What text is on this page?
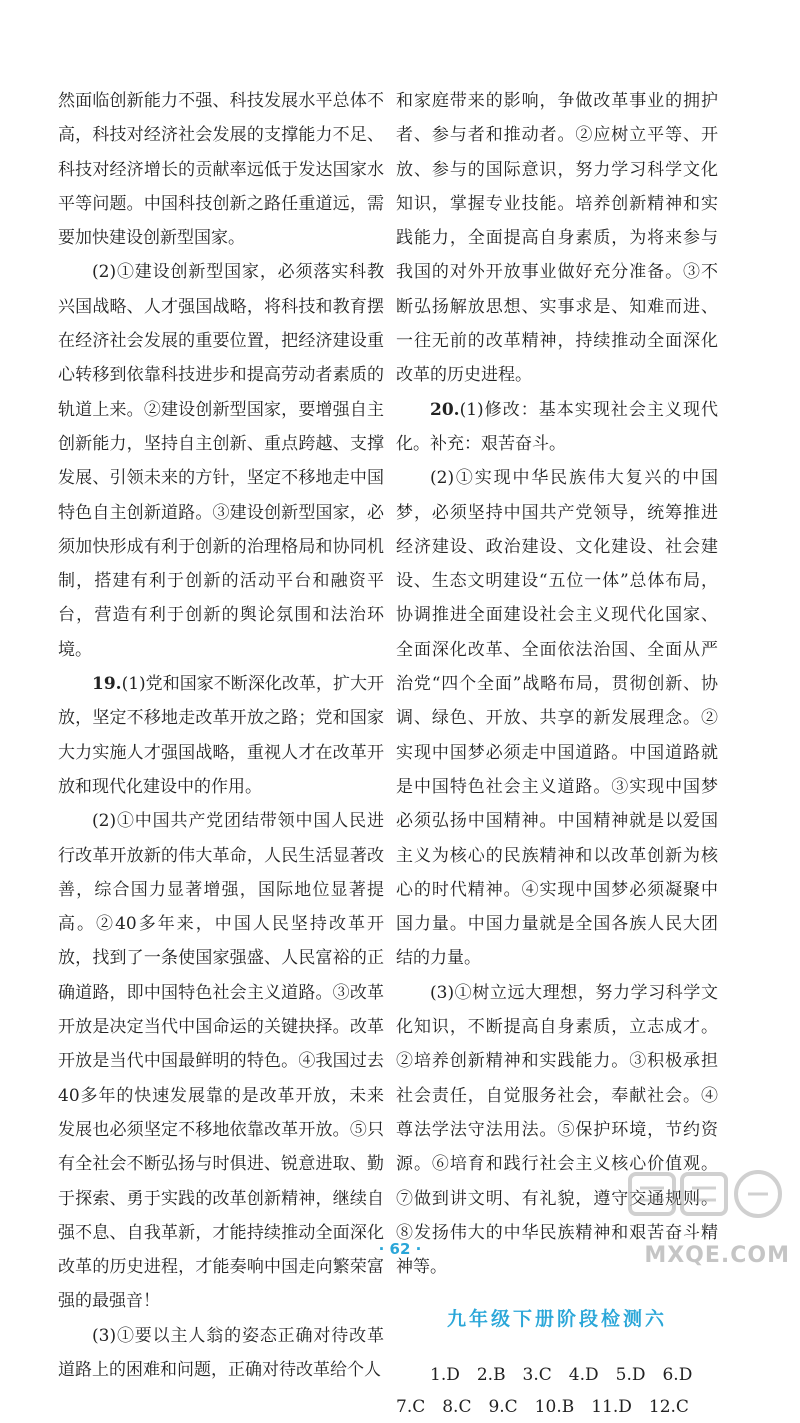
然面临创新能力不强、科技发展水平总体不高，科技对经济社会发展的支撑能力不足、科技对经济增长的贡献率远低于发达国家水平等问题。中国科技创新之路任重道远，需要加快建设创新型国家。

(2)①建设创新型国家，必须落实科教兴国战略、人才强国战略，将科技和教育摆在经济社会发展的重要位置，把经济建设重心转移到依靠科技进步和提高劳动者素质的轨道上来。②建设创新型国家，要增强自主创新能力，坚持自主创新、重点跨越、支撑发展、引领未来的方针，坚定不移地走中国特色自主创新道路。③建设创新型国家，必须加快形成有利于创新的治理格局和协同机制，搭建有利于创新的活动平台和融资平台，营造有利于创新的舆论氛围和法治环境。

19.(1)党和国家不断深化改革，扩大开放，坚定不移地走改革开放之路；党和国家大力实施人才强国战略，重视人才在改革开放和现代化建设中的作用。

(2)①中国共产党团结带领中国人民进行改革开放新的伟大革命，人民生活显著改善，综合国力显著增强，国际地位显著提高。②40多年来，中国人民坚持改革开放，找到了一条使国家强盛、人民富裕的正确道路，即中国特色社会主义道路。③改革开放是决定当代中国命运的关键抉择。改革开放是当代中国最鲜明的特色。④我国过去40多年的快速发展靠的是改革开放，未来发展也必须坚定不移地依靠改革开放。⑤只有全社会不断弘扬与时俱进、锐意进取、勤于探索、勇于实践的改革创新精神，继续自强不息、自我革新，才能持续推动全面深化改革的历史进程，才能奏响中国走向繁荣富强的最强音！

(3)①要以主人翁的姿态正确对待改革道路上的困难和问题，正确对待改革给个人

和家庭带来的影响，争做改革事业的拥护者、参与者和推动者。②应树立平等、开放、参与的国际意识，努力学习科学文化知识，掌握专业技能。培养创新精神和实践能力，全面提高自身素质，为将来参与我国的对外开放事业做好充分准备。③不断弘扬解放思想、实事求是、知难而进、一往无前的改革精神，持续推动全面深化改革的历史进程。

20.(1)修改：基本实现社会主义现代化。补充：艰苦奋斗。

(2)①实现中华民族伟大复兴的中国梦，必须坚持中国共产党领导，统筹推进经济建设、政治建设、文化建设、社会建设、生态文明建设“五位一体”总体布局，协调推进全面建设社会主义现代化国家、全面深化改革、全面依法治国、全面从严治党“四个全面”战略布局，贯彻创新、协调、绿色、开放、共享的新发展理念。②实现中国梦必须走中国道路。中国道路就是中国特色社会主义道路。③实现中国梦必须弘扬中国精神。中国精神就是以爱国主义为核心的民族精神和以改革创新为核心的时代精神。④实现中国梦必须凝聚中国力量。中国力量就是全国各族人民大团结的力量。

(3)①树立远大理想，努力学习科学文化知识，不断提高自身素质，立志成才。②培养创新精神和实践能力。③积极承担社会责任，自觉服务社会，奉献社会。④尊法学法守法用法。⑤保护环境，节约资源。⑥培育和践行社会主义核心价值观。⑦做到讲文明、有礼貌，遵守交通规则。⑧发扬伟大的中华民族精神和艰苦奋斗精神等。

九年级下册阶段检测六

1.D　2.B　3.C　4.D　5.D　6.D

7.C　8.C　9.C　10.B　11.D　12.C

· 62 ·	MXQE.COM
